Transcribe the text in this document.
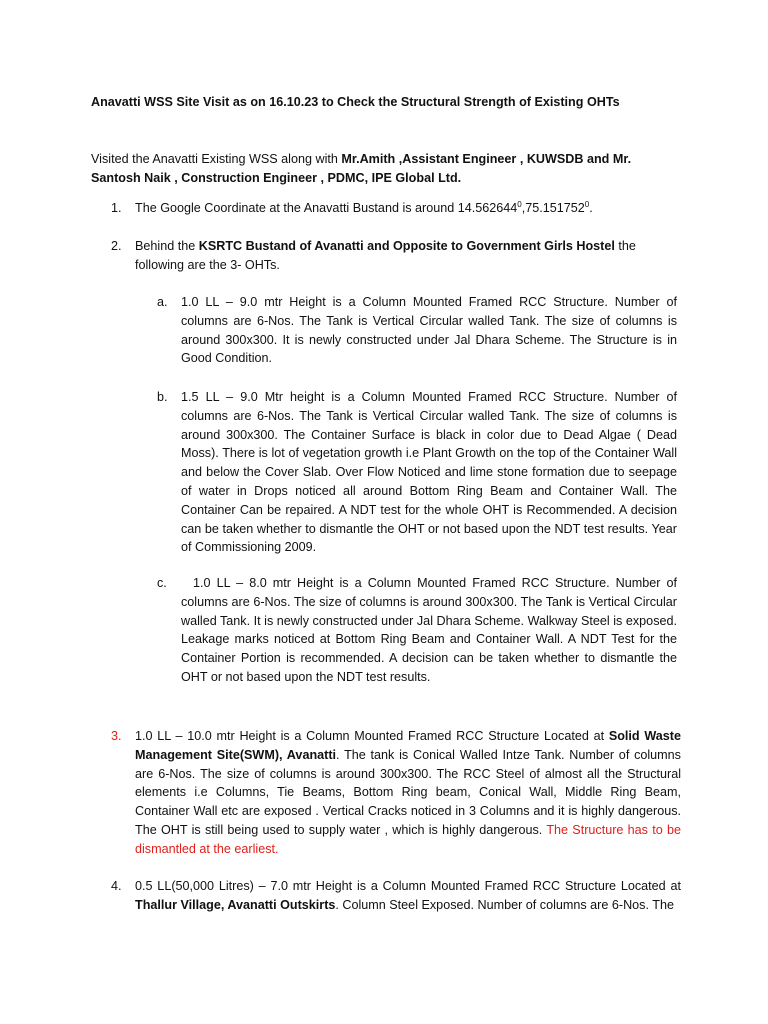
Anavatti WSS Site Visit as on 16.10.23 to Check the Structural Strength of Existing OHTs
Visited the Anavatti Existing WSS along with Mr.Amith ,Assistant Engineer , KUWSDB and Mr. Santosh Naik , Construction Engineer , PDMC, IPE Global Ltd.
1. The Google Coordinate at the Anavatti Bustand is around 14.562644$^0$,75.151752$^0$.
2. Behind the KSRTC Bustand of Avanatti and Opposite to Government Girls Hostel the following are the 3- OHTs.
a. 1.0 LL – 9.0 mtr Height is a Column Mounted Framed RCC Structure. Number of columns are 6-Nos. The Tank is Vertical Circular walled Tank. The size of columns is around 300x300. It is newly constructed under Jal Dhara Scheme. The Structure is in Good Condition.
b. 1.5 LL – 9.0 Mtr height is a Column Mounted Framed RCC Structure. Number of columns are 6-Nos. The Tank is Vertical Circular walled Tank. The size of columns is around 300x300. The Container Surface is black in color due to Dead Algae ( Dead Moss). There is lot of vegetation growth i.e Plant Growth on the top of the Container Wall and below the Cover Slab. Over Flow Noticed and lime stone formation due to seepage of water in Drops noticed all around Bottom Ring Beam and Container Wall. The Container Can be repaired. A NDT test for the whole OHT is Recommended. A decision can be taken whether to dismantle the OHT or not based upon the NDT test results. Year of Commissioning 2009.
c. 1.0 LL – 8.0 mtr Height is a Column Mounted Framed RCC Structure. Number of columns are 6-Nos. The size of columns is around 300x300. The Tank is Vertical Circular walled Tank. It is newly constructed under Jal Dhara Scheme. Walkway Steel is exposed. Leakage marks noticed at Bottom Ring Beam and Container Wall. A NDT Test for the Container Portion is recommended. A decision can be taken whether to dismantle the OHT or not based upon the NDT test results.
3. 1.0 LL – 10.0 mtr Height is a Column Mounted Framed RCC Structure Located at Solid Waste Management Site(SWM), Avanatti. The tank is Conical Walled Intze Tank. Number of columns are 6-Nos. The size of columns is around 300x300. The RCC Steel of almost all the Structural elements i.e Columns, Tie Beams, Bottom Ring beam, Conical Wall, Middle Ring Beam, Container Wall etc are exposed . Vertical Cracks noticed in 3 Columns and it is highly dangerous. The OHT is still being used to supply water , which is highly dangerous. The Structure has to be dismantled at the earliest.
4. 0.5 LL(50,000 Litres) – 7.0 mtr Height is a Column Mounted Framed RCC Structure Located at Thallur Village, Avanatti Outskirts. Column Steel Exposed. Number of columns are 6-Nos. The
